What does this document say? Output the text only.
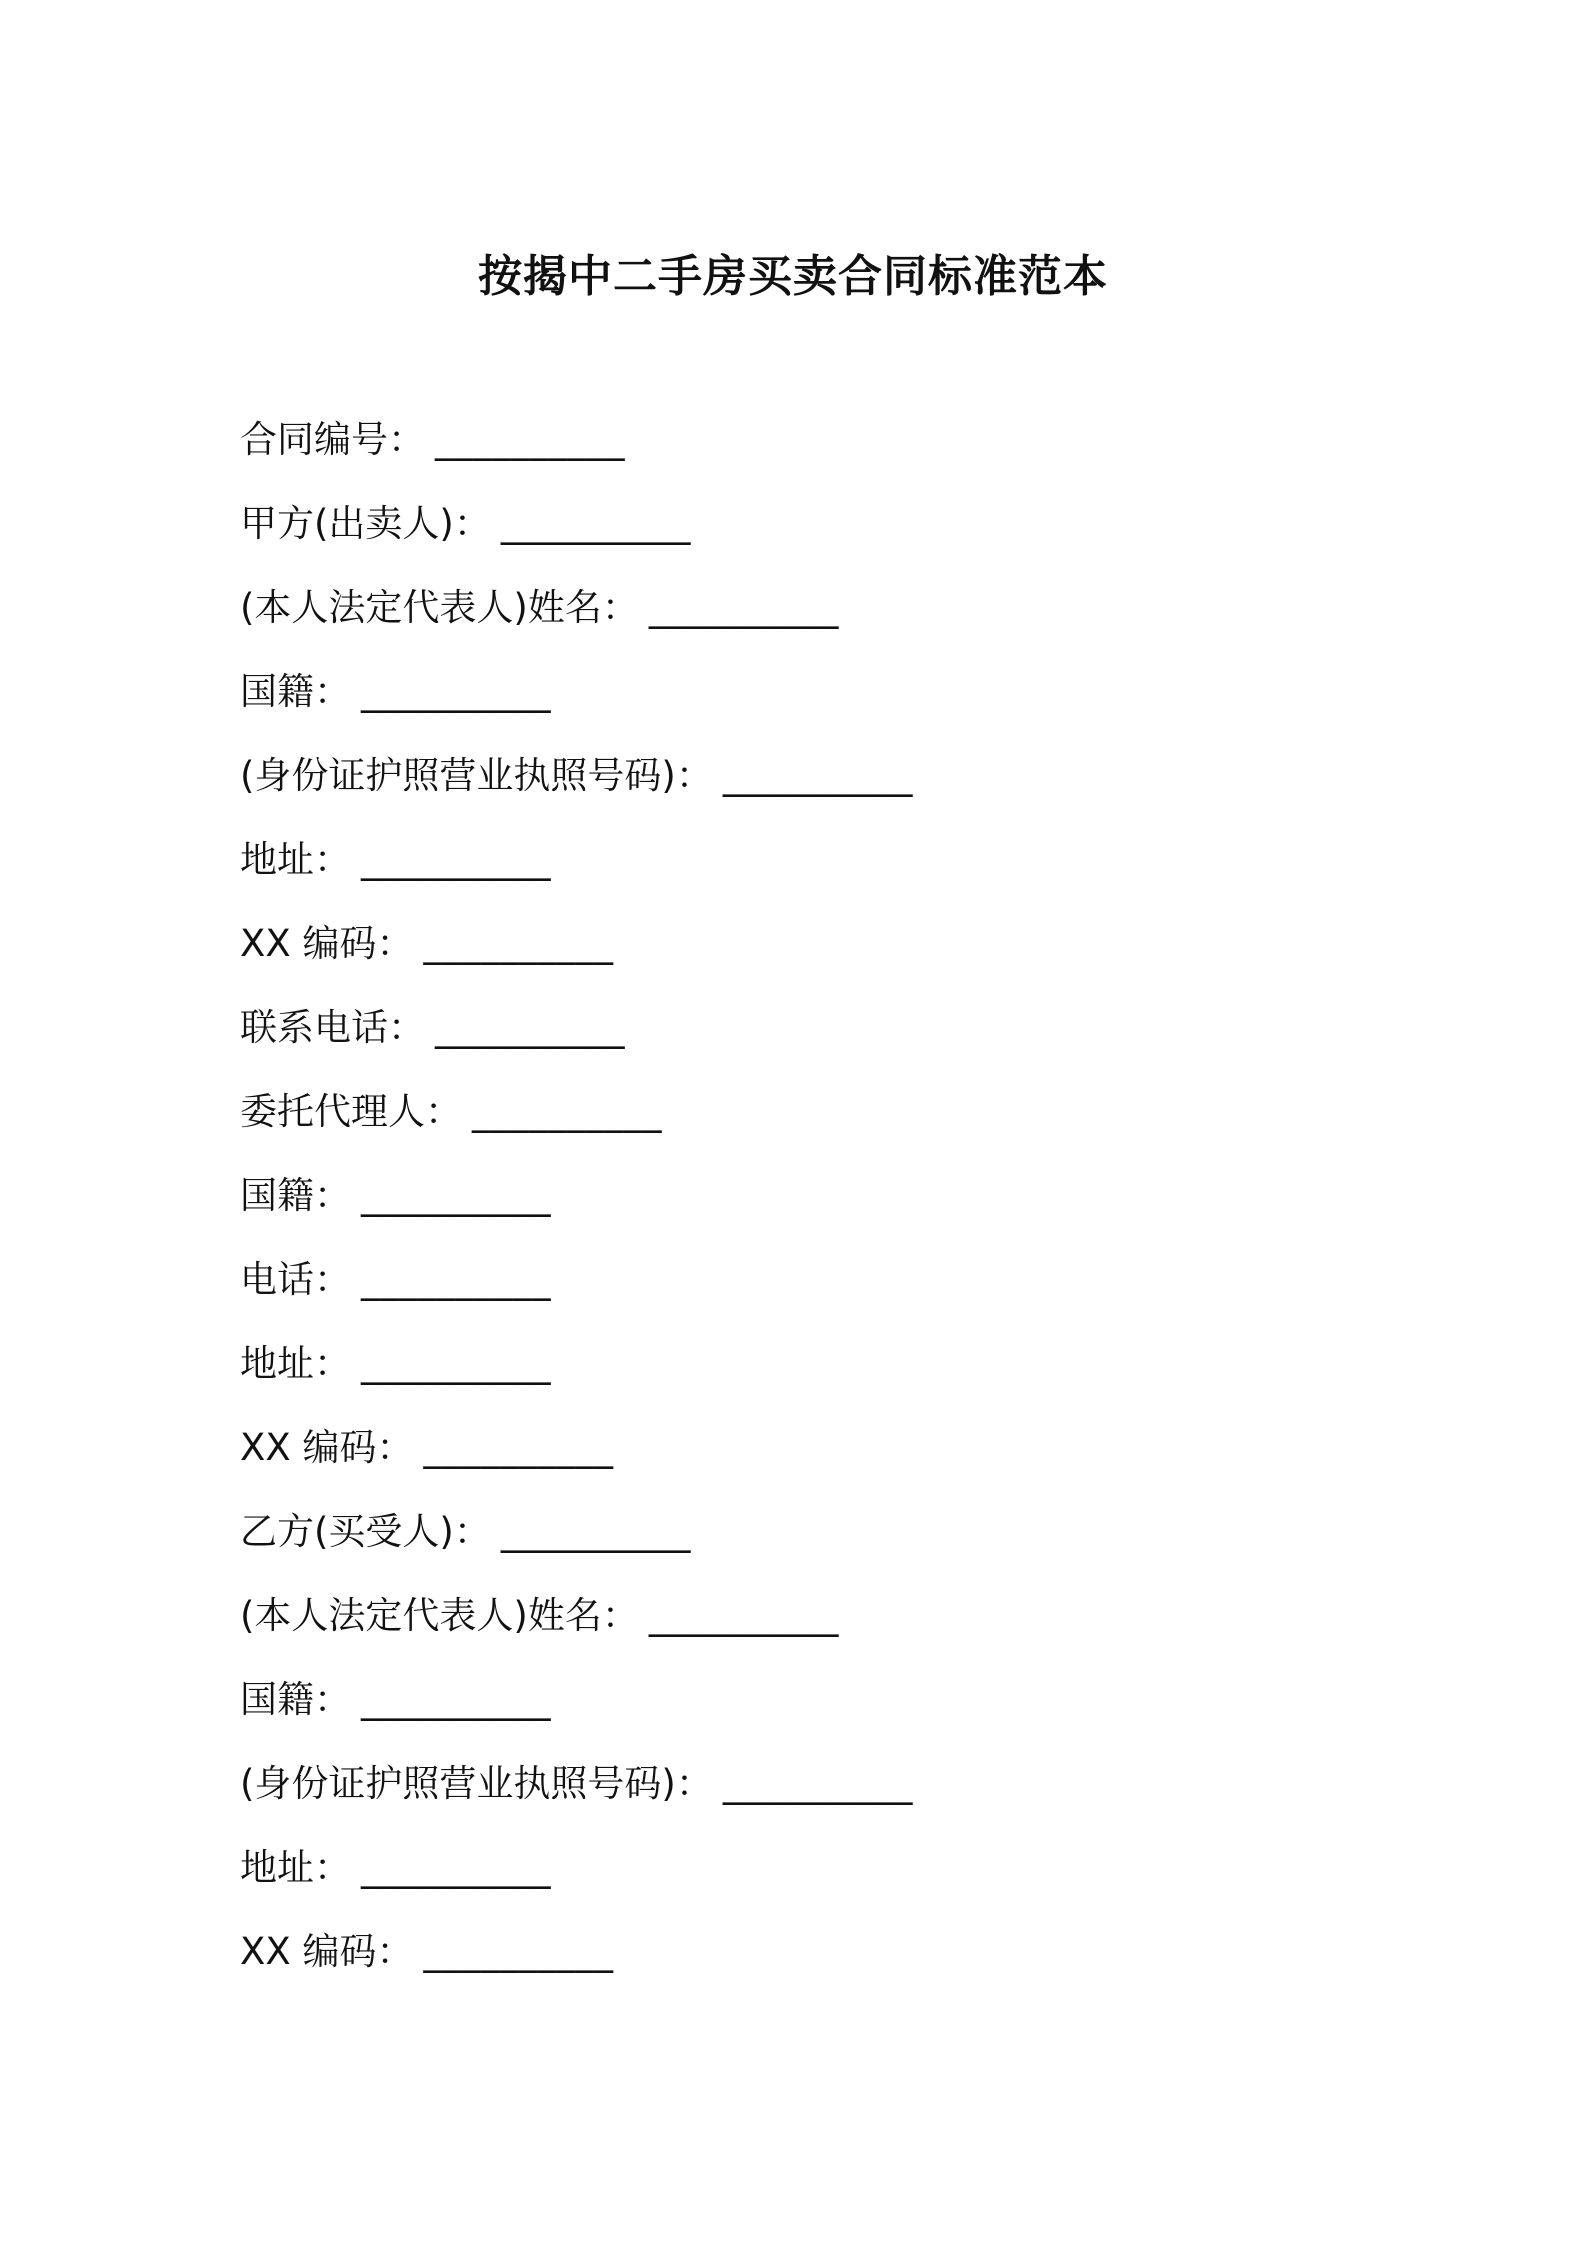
按揭中二手房买卖合同标准范本
合同编号： __________
甲方(出卖人)： __________
(本人法定代表人)姓名： __________
国籍： __________
(身份证护照营业执照号码)： __________
地址： __________
XX 编码： __________
联系电话： __________
委托代理人： __________
国籍： __________
电话： __________
地址： __________
XX 编码： __________
乙方(买受人)： __________
(本人法定代表人)姓名： __________
国籍： __________
(身份证护照营业执照号码)： __________
地址： __________
XX 编码： __________
